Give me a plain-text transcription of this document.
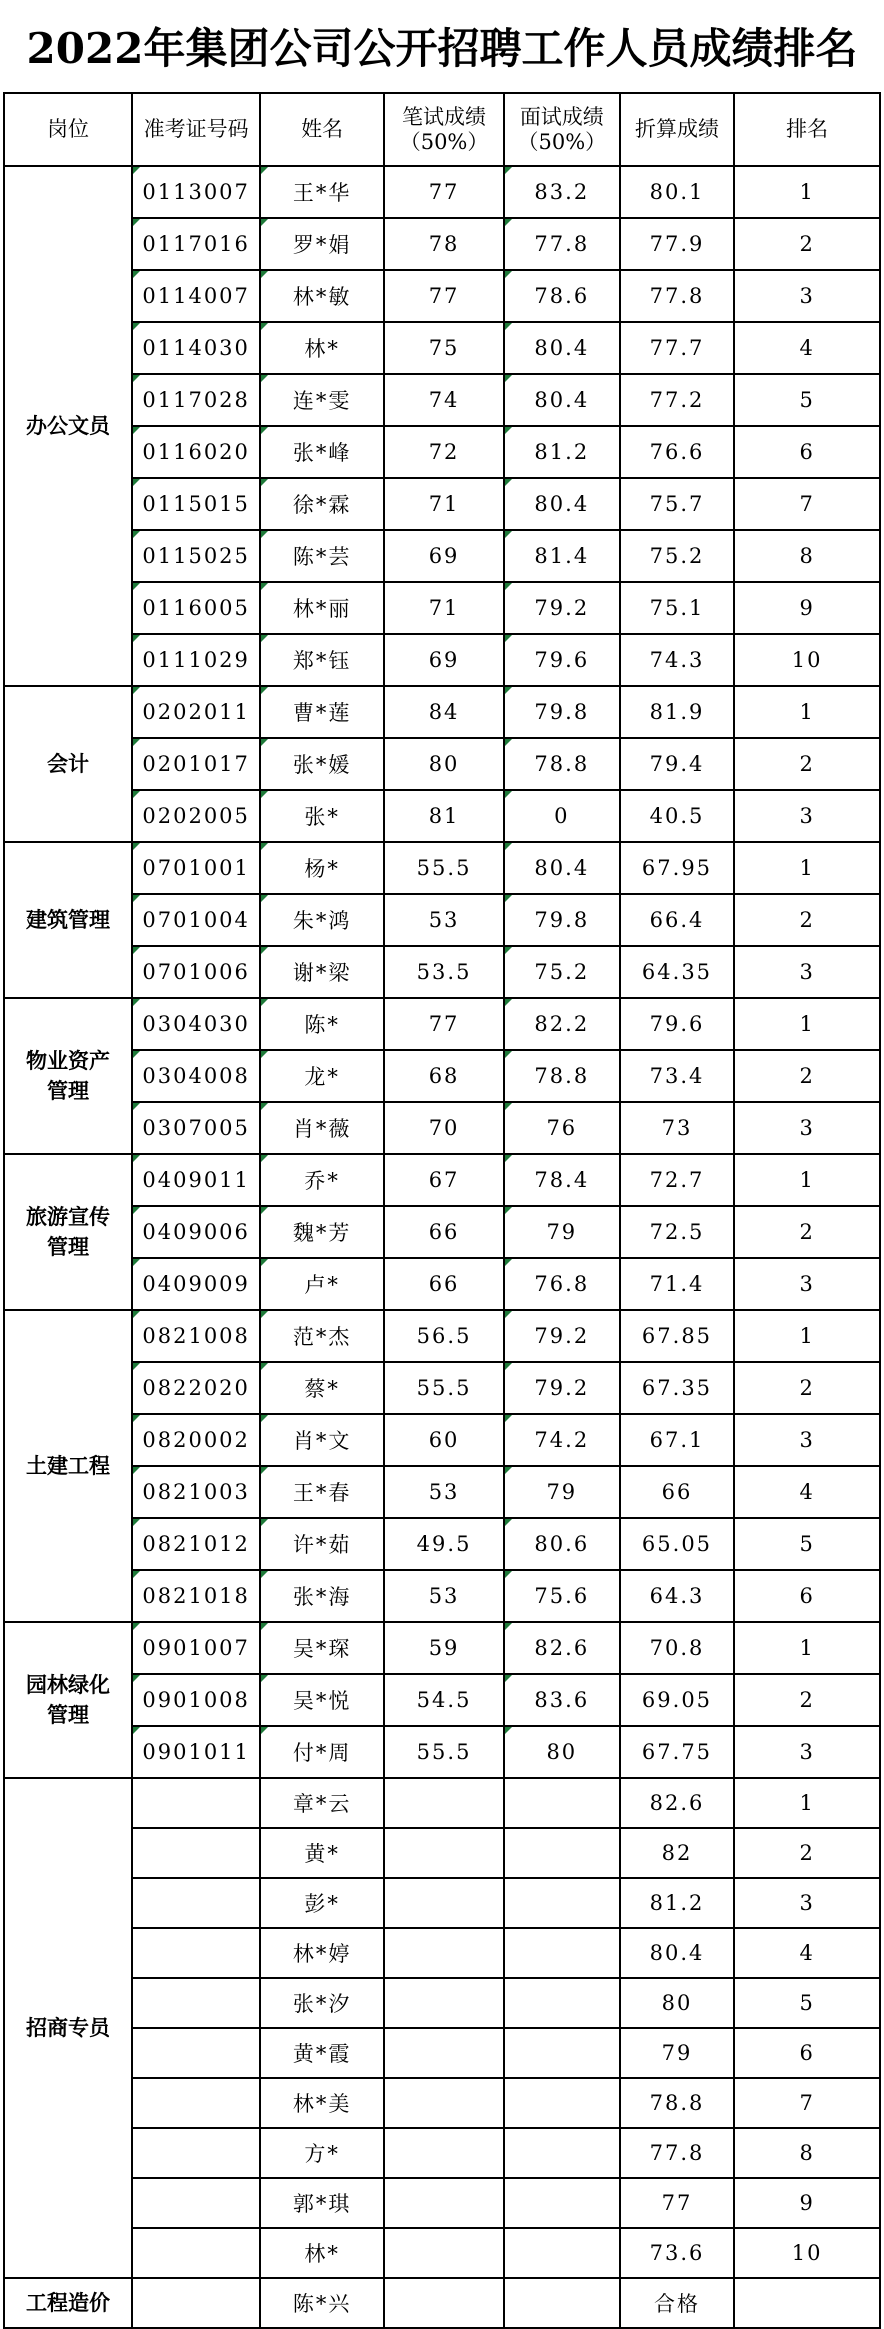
2022年集团公司公开招聘工作人员成绩排名
岗位	准考证号码	姓名	笔试成绩（50%）	面试成绩（50%）	折算成绩	排名
办公文员	0113007	王*华	77	83.2	80.1	1
	0117016	罗*娟	78	77.8	77.9	2
	0114007	林*敏	77	78.6	77.8	3
	0114030	林*	75	80.4	77.7	4
	0117028	连*雯	74	80.4	77.2	5
	0116020	张*峰	72	81.2	76.6	6
	0115015	徐*霖	71	80.4	75.7	7
	0115025	陈*芸	69	81.4	75.2	8
	0116005	林*丽	71	79.2	75.1	9
	0111029	郑*钰	69	79.6	74.3	10
会计	0202011	曹*莲	84	79.8	81.9	1
	0201017	张*媛	80	78.8	79.4	2
	0202005	张*	81	0	40.5	3
建筑管理	0701001	杨*	55.5	80.4	67.95	1
	0701004	朱*鸿	53	79.8	66.4	2
	0701006	谢*梁	53.5	75.2	64.35	3
物业资产管理	0304030	陈*	77	82.2	79.6	1
	0304008	龙*	68	78.8	73.4	2
	0307005	肖*薇	70	76	73	3
旅游宣传管理	0409011	乔*	67	78.4	72.7	1
	0409006	魏*芳	66	79	72.5	2
	0409009	卢*	66	76.8	71.4	3
土建工程	0821008	范*杰	56.5	79.2	67.85	1
	0822020	蔡*	55.5	79.2	67.35	2
	0820002	肖*文	60	74.2	67.1	3
	0821003	王*春	53	79	66	4
	0821012	许*茹	49.5	80.6	65.05	5
	0821018	张*海	53	75.6	64.3	6
园林绿化管理	0901007	吴*琛	59	82.6	70.8	1
	0901008	吴*悦	54.5	83.6	69.05	2
	0901011	付*周	55.5	80	67.75	3
招商专员		章*云			82.6	1
		黄*			82	2
		彭*			81.2	3
		林*婷			80.4	4
		张*汐			80	5
		黄*霞			79	6
		林*美			78.8	7
		方*			77.8	8
		郭*琪			77	9
		林*			73.6	10
工程造价		陈*兴			合格	
